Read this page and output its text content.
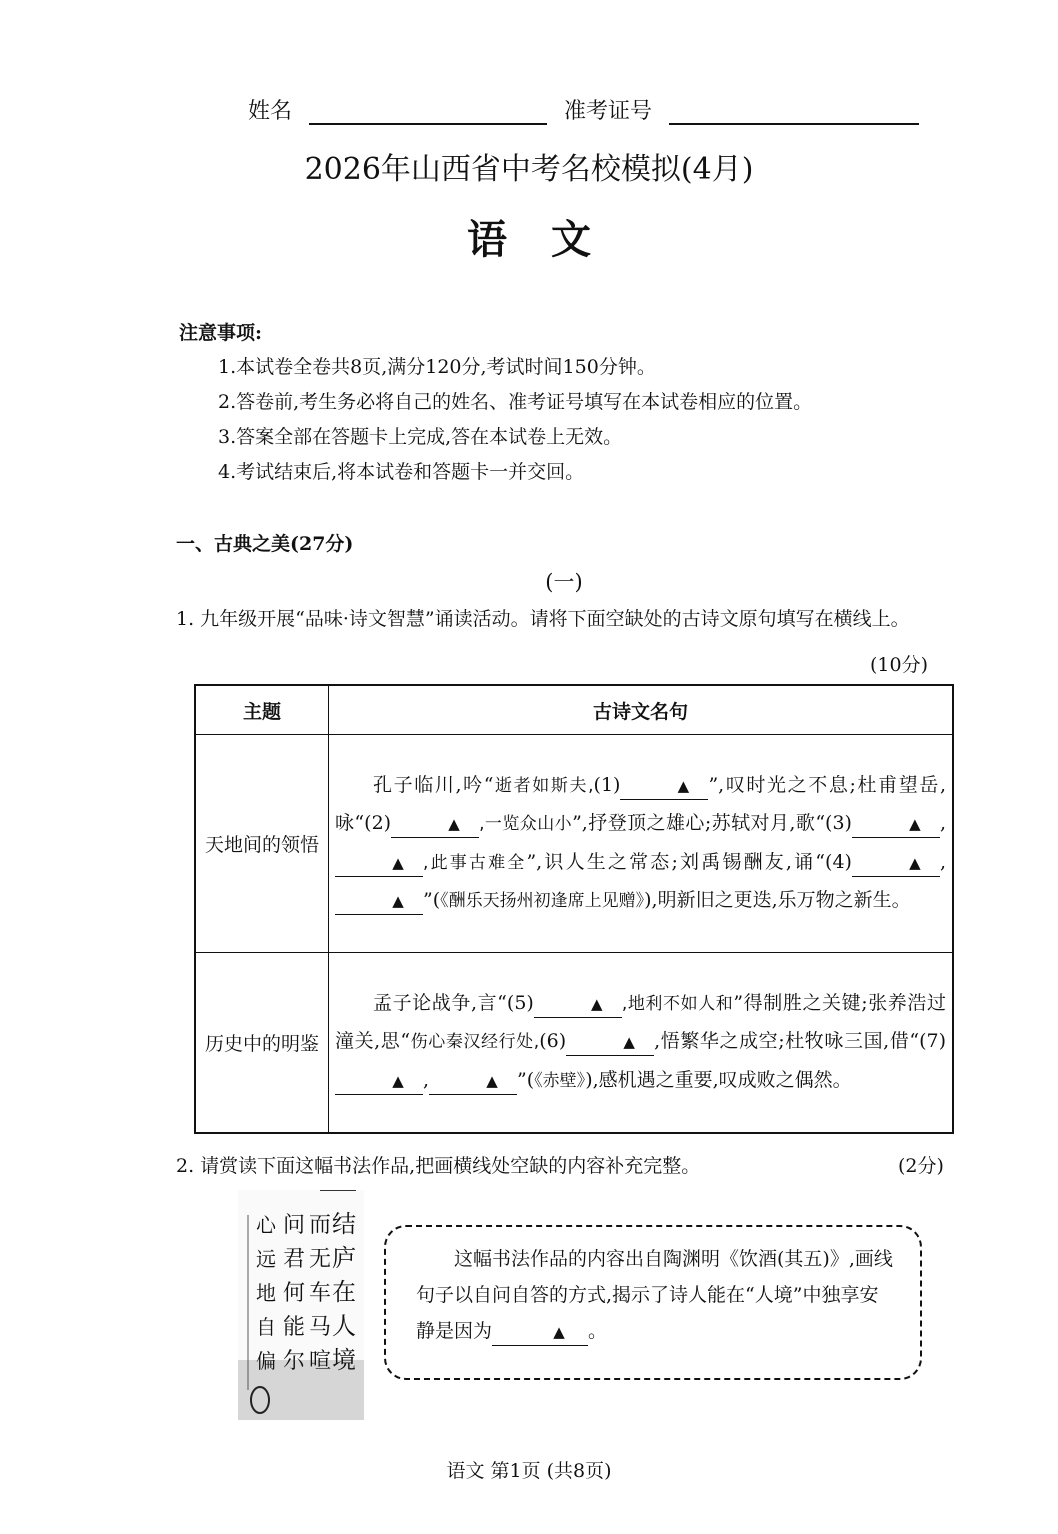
姓名	准考证号
2026年山西省中考名校模拟(4月)
语文
注意事项:
1.本试卷全卷共8页,满分120分,考试时间150分钟。
2.答卷前,考生务必将自己的姓名、准考证号填写在本试卷相应的位置。
3.答案全部在答题卡上完成,答在本试卷上无效。
4.考试结束后,将本试卷和答题卡一并交回。
一、古典之美(27分)
(一)
1. 九年级开展“品味·诗文智慧”诵读活动。请将下面空缺处的古诗文原句填写在横线上。
(10分)
主题	古诗文名句
天地间的领悟	孔子临川,吟“逝者如斯夫,(1) ▲ ”,叹时光之不息;杜甫望岳,咏“(2) ▲ ,一览众山小”,抒登顶之雄心;苏轼对月,歌“(3) ▲ ,▲ ,此事古难全”,识人生之常态;刘禹锡酬友,诵“(4) ▲ ,▲ ”(《酬乐天扬州初逢席上见赠》),明新旧之更迭,乐万物之新生。

历史中的明鉴	孟子论战争,言“(5) ▲ ,地利不如人和”得制胜之关键;张养浩过潼关,思“伤心秦汉经行处,(6) ▲ ,悟繁华之成空;杜牧咏三国,借“(7)▲ , ▲ ”(《赤壁》),感机遇之重要,叹成败之偶然。

2. 请赏读下面这幅书法作品,把画横线处空缺的内容补充完整。	(2分)
结庐在人境而无车马喧问君何能尔心远地自偏

这幅书法作品的内容出自陶渊明《饮酒(其五)》,画线句子以自问自答的方式,揭示了诗人能在“人境”中独享安静是因为	▲ 。

语文 第1页 (共8页)
